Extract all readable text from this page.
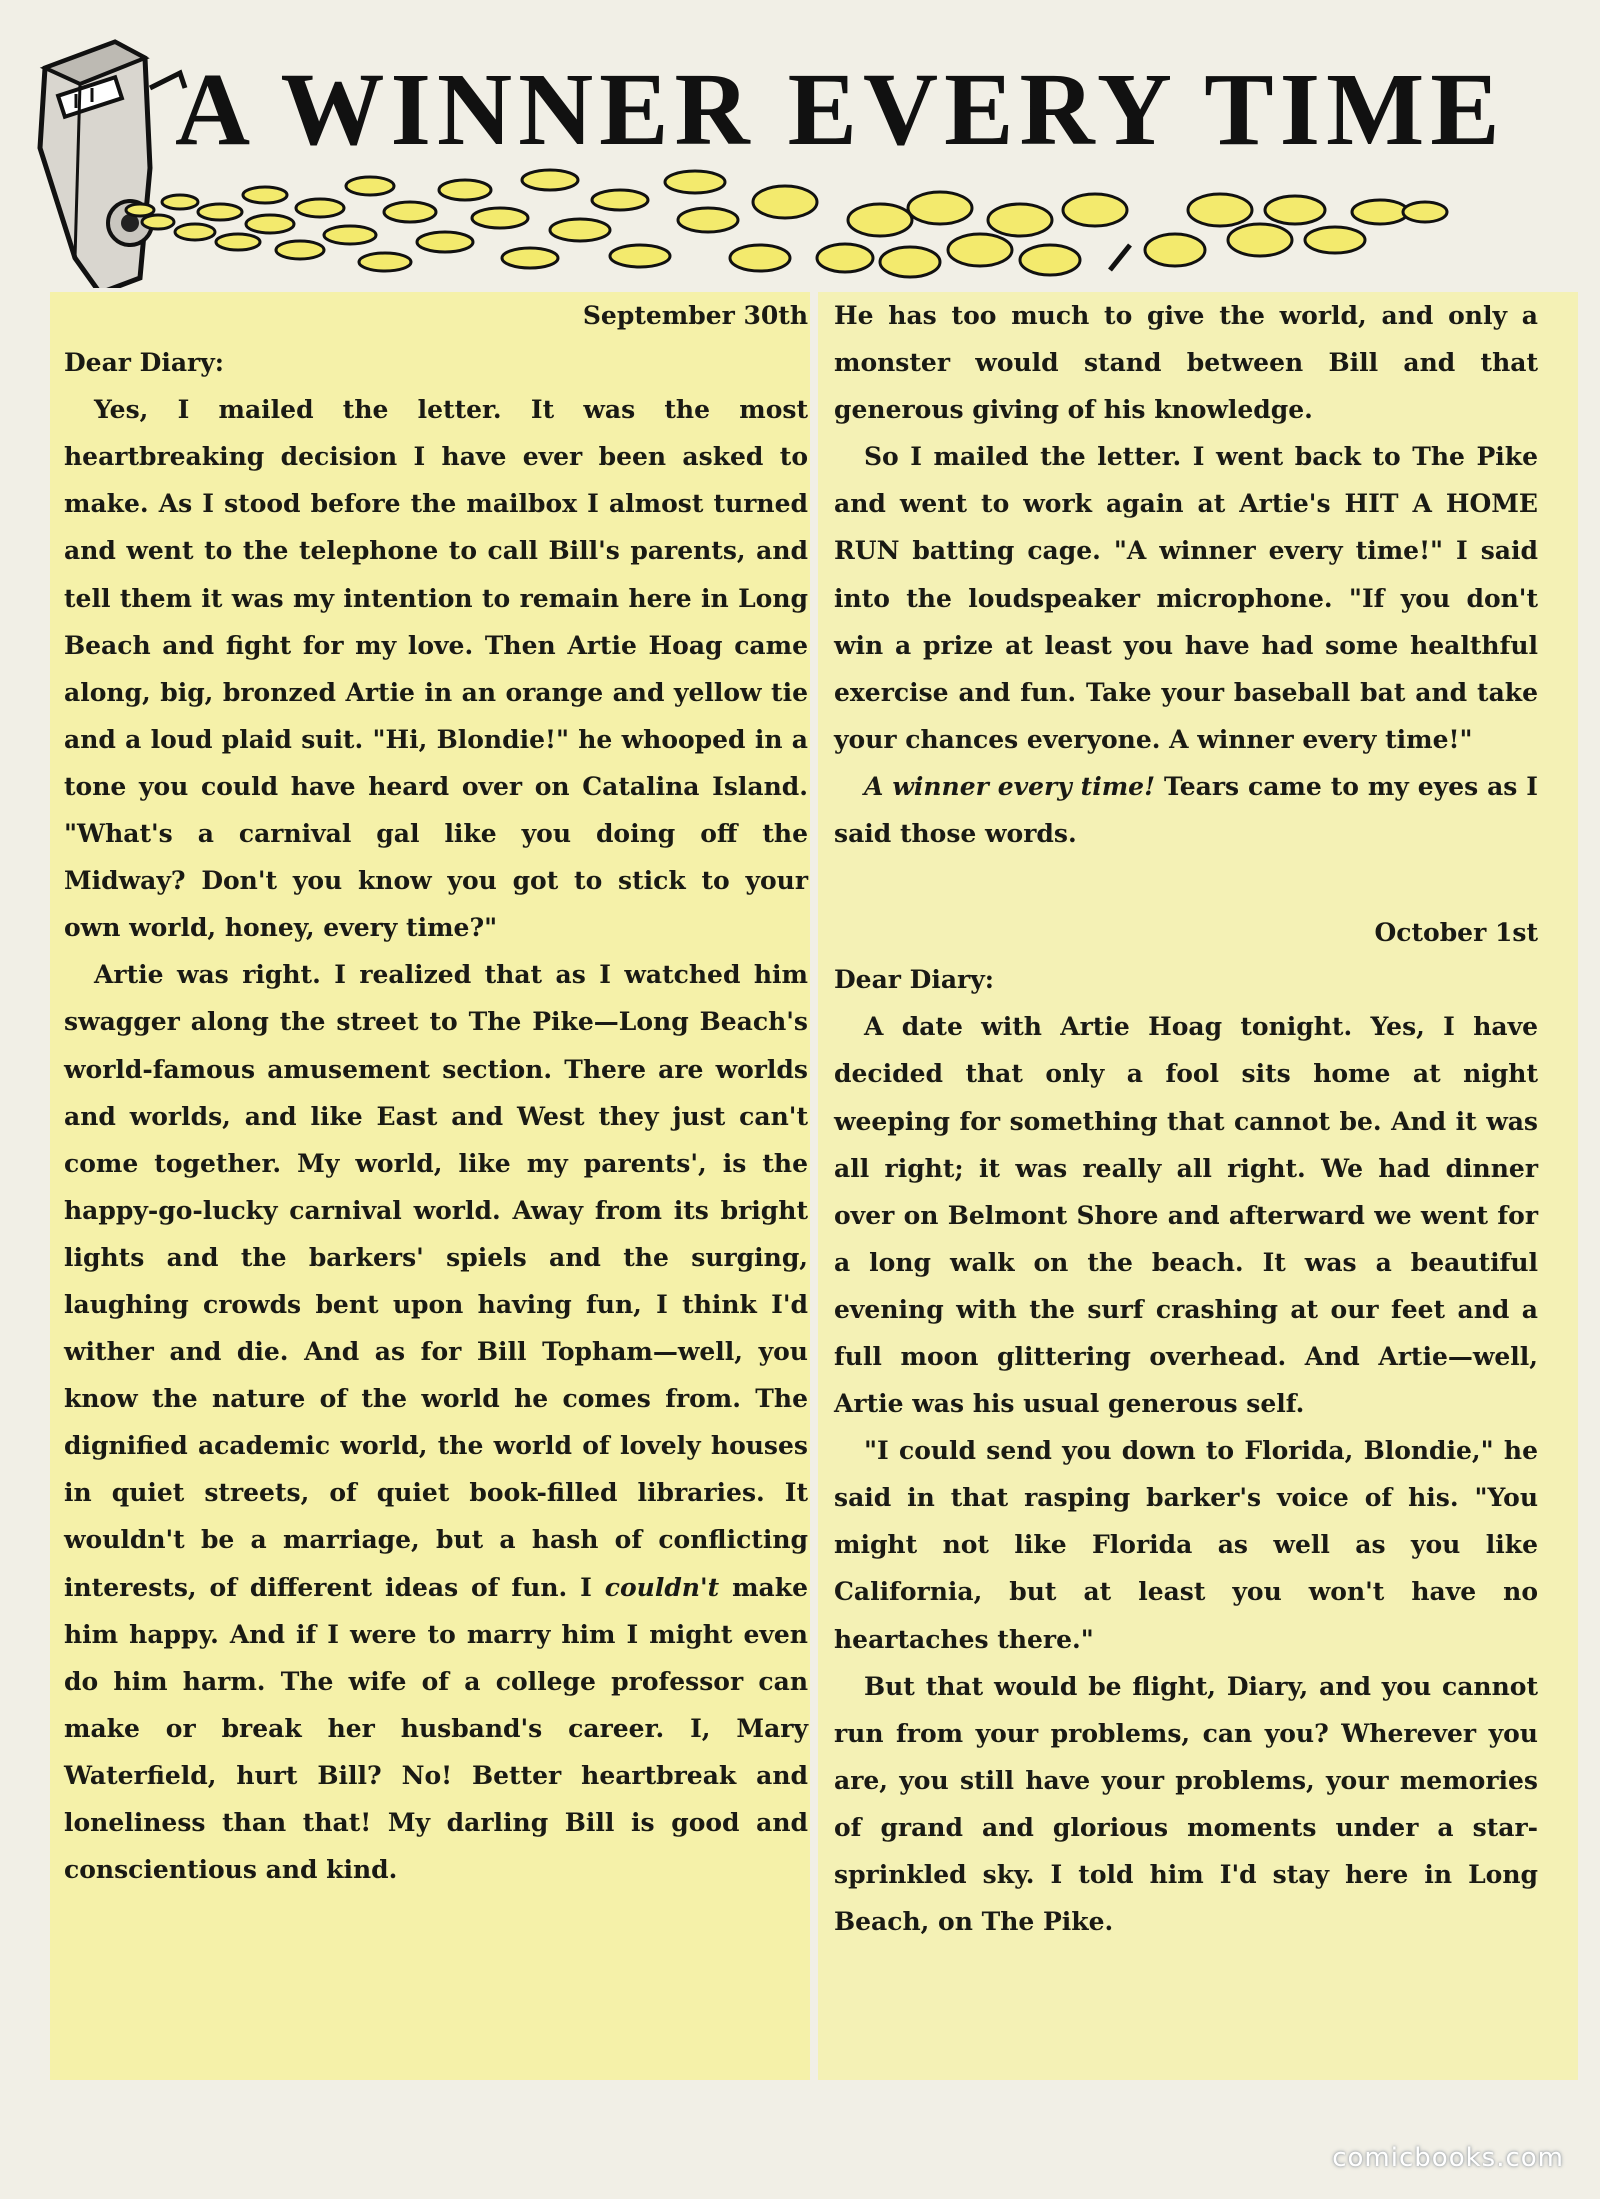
A WINNER EVERY TIME
September 30th
Dear Diary:

Yes, I mailed the letter. It was the most heartbreaking decision I have ever been asked to make. As I stood before the mailbox I almost turned and went to the telephone to call Bill's parents, and tell them it was my intention to remain here in Long Beach and fight for my love. Then Artie Hoag came along, big, bronzed Artie in an orange and yellow tie and a loud plaid suit. "Hi, Blondie!" he whooped in a tone you could have heard over on Catalina Island. "What's a carnival gal like you doing off the Midway? Don't you know you got to stick to your own world, honey, every time?"

Artie was right. I realized that as I watched him swagger along the street to The Pike—Long Beach's world-famous amusement section. There are worlds and worlds, and like East and West they just can't come together. My world, like my parents', is the happy-go-lucky carnival world. Away from its bright lights and the barkers' spiels and the surging, laughing crowds bent upon having fun, I think I'd wither and die. And as for Bill Topham—well, you know the nature of the world he comes from. The dignified academic world, the world of lovely houses in quiet streets, of quiet book-filled libraries. It wouldn't be a marriage, but a hash of conflicting interests, of different ideas of fun. I couldn't make him happy. And if I were to marry him I might even do him harm. The wife of a college professor can make or break her husband's career. I, Mary Waterfield, hurt Bill? No! Better heartbreak and loneliness than that! My darling Bill is good and conscientious and kind.

He has too much to give the world, and only a monster would stand between Bill and that generous giving of his knowledge.

So I mailed the letter. I went back to The Pike and went to work again at Artie's HIT A HOME RUN batting cage. "A winner every time!" I said into the loudspeaker microphone. "If you don't win a prize at least you have had some healthful exercise and fun. Take your baseball bat and take your chances everyone. A winner every time!"

A winner every time! Tears came to my eyes as I said those words.

October 1st
Dear Diary:

A date with Artie Hoag tonight. Yes, I have decided that only a fool sits home at night weeping for something that cannot be. And it was all right; it was really all right. We had dinner over on Belmont Shore and afterward we went for a long walk on the beach. It was a beautiful evening with the surf crashing at our feet and a full moon glittering overhead. And Artie—well, Artie was his usual generous self.

"I could send you down to Florida, Blondie," he said in that rasping barker's voice of his. "You might not like Florida as well as you like California, but at least you won't have no heartaches there."

But that would be flight, Diary, and you cannot run from your problems, can you? Wherever you are, you still have your problems, your memories of grand and glorious moments under a star-sprinkled sky. I told him I'd stay here in Long Beach, on The Pike.

comicbooks.com
